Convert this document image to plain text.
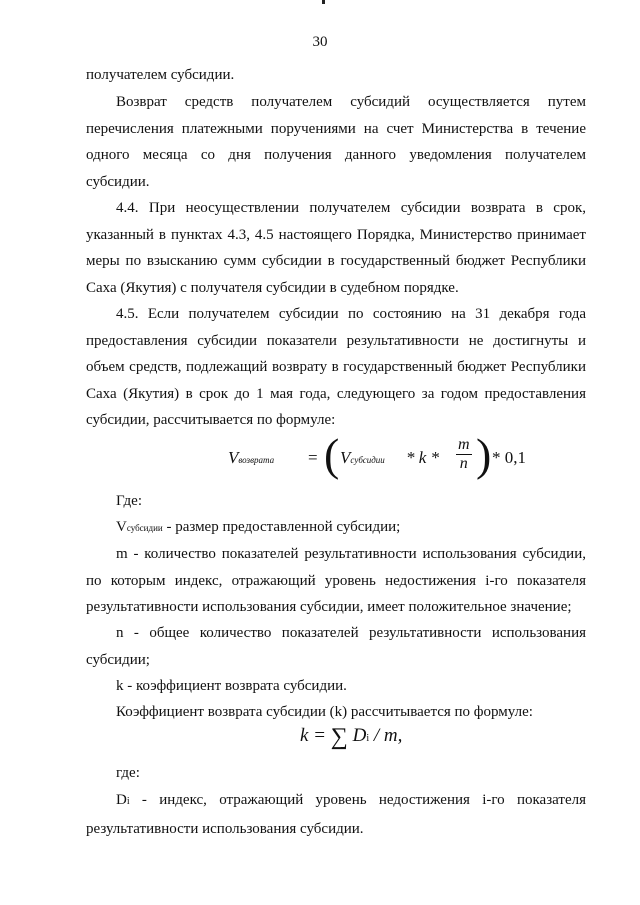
30

получателем субсидии.

Возврат средств получателем субсидий осуществляется путем перечисления платежными поручениями на счет Министерства в течение одного месяца со дня получения данного уведомления получателем субсидии.

4.4. При неосуществлении получателем субсидии возврата в срок, указанный в пунктах 4.3, 4.5 настоящего Порядка, Министерство принимает меры по взысканию сумм субсидии в государственный бюджет Республики Саха (Якутия) с получателя субсидии в судебном порядке.

4.5. Если получателем субсидии по состоянию на 31 декабря года предоставления субсидии показатели результативности не достигнуты и объем средств, подлежащий возврату в государственный бюджет Республики Саха (Якутия) в срок до 1 мая года, следующего за годом предоставления субсидии, рассчитывается по формуле:

Vвозврата = ( Vсубсидии * k * $\frac{m}{n}$ ) * 0,1

Где:

Vсубсидии - размер предоставленной субсидии;

m - количество показателей результативности использования субсидии, по которым индекс, отражающий уровень недостижения i-го показателя результативности использования субсидии, имеет положительное значение;

n - общее количество показателей результативности использования субсидии;

k - коэффициент возврата субсидии.

Коэффициент возврата субсидии (k) рассчитывается по формуле:

k = ∑ Di / m,

где:

Di - индекс, отражающий уровень недостижения i-го показателя результативности использования субсидии.
